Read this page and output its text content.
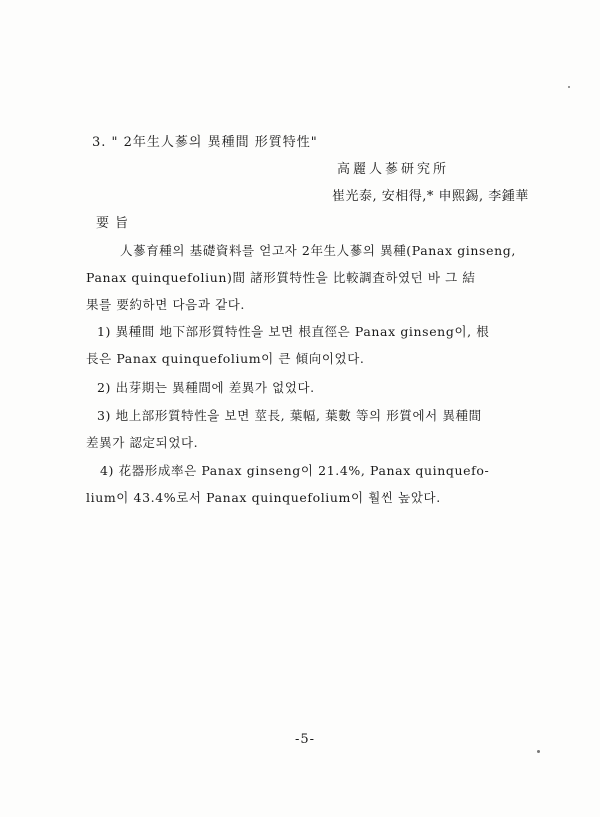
3. " 2年生人蔘의 異種間 形質特性"
高麗人蔘研究所
崔光泰, 安相得,* 申熙錫, 李鍾華
要旨
人蔘育種의 基礎資料를 얻고자 2年生人蔘의 異種(Panax ginseng,
Panax quinquefoliun)間 諸形質特性을 比較調査하였던 바 그 結
果를 要約하면 다음과 같다.
1) 異種間 地下部形質特性을 보면 根直徑은 Panax ginseng이, 根
長은 Panax quinquefolium이 큰 傾向이었다.
2) 出芽期는 異種間에 差異가 없었다.
3) 地上部形質特性을 보면 莖長, 葉幅, 葉數 等의 形質에서 異種間
差異가 認定되었다.
4) 花器形成率은 Panax ginseng이 21.4%, Panax quinquefo-
lium이 43.4%로서 Panax quinquefolium이 훨씬 높았다.
-5-
